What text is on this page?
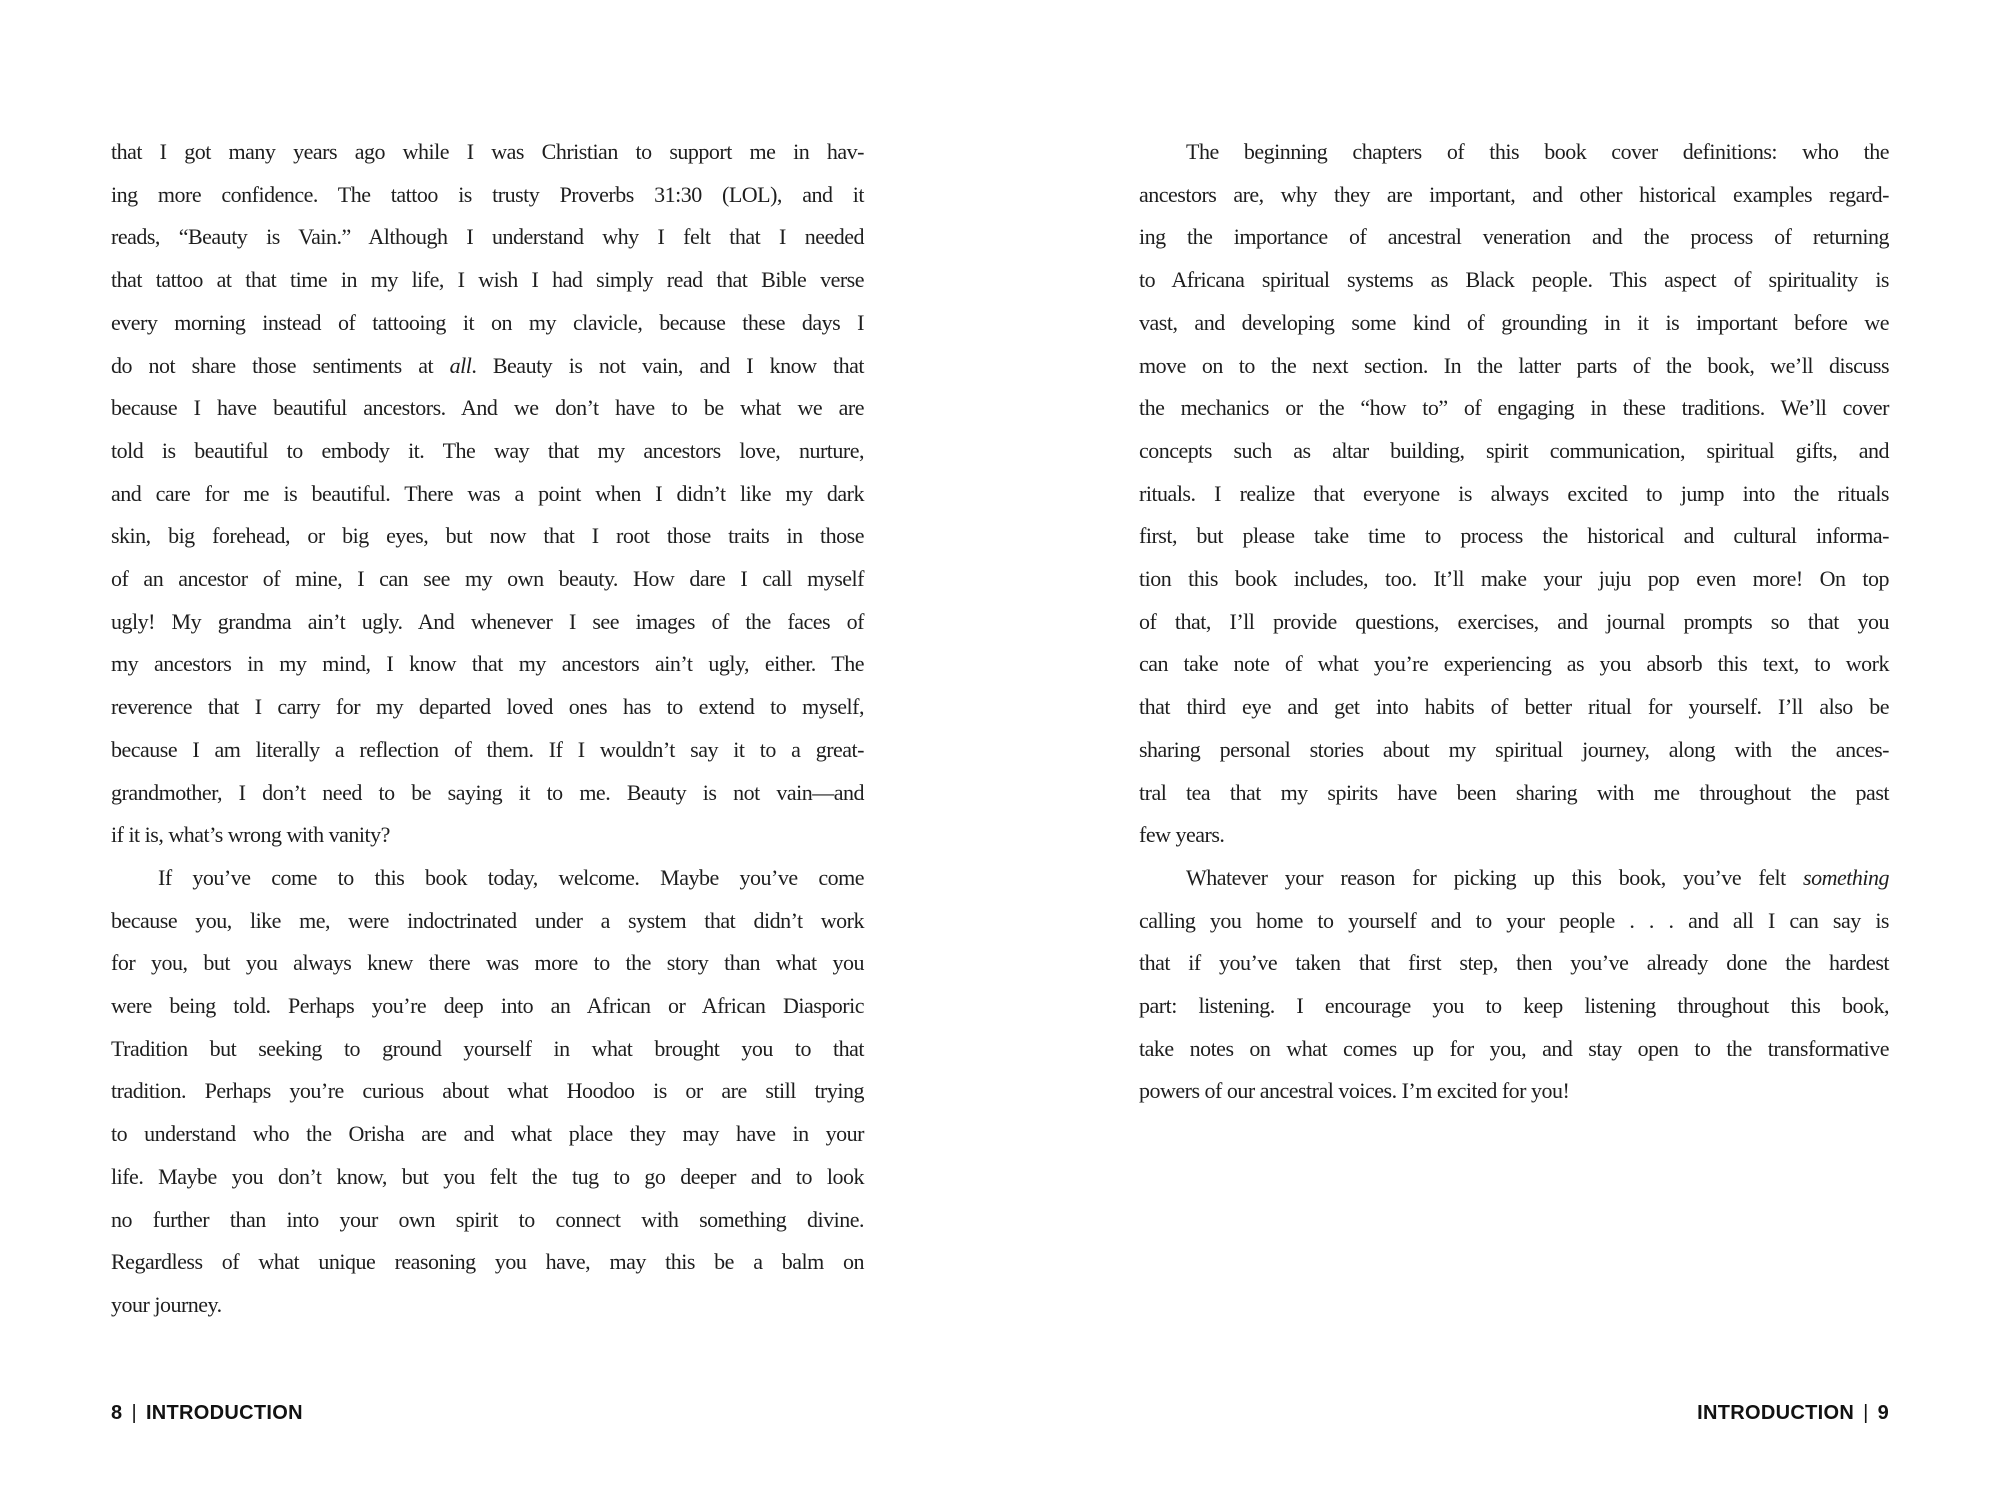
that I got many years ago while I was Christian to support me in hav-
ing more confidence. The tattoo is trusty Proverbs 31:30 (LOL), and it
reads, “Beauty is Vain.” Although I understand why I felt that I needed
that tattoo at that time in my life, I wish I had simply read that Bible verse
every morning instead of tattooing it on my clavicle, because these days I
do not share those sentiments at all. Beauty is not vain, and I know that
because I have beautiful ancestors. And we don’t have to be what we are
told is beautiful to embody it. The way that my ancestors love, nurture,
and care for me is beautiful. There was a point when I didn’t like my dark
skin, big forehead, or big eyes, but now that I root those traits in those
of an ancestor of mine, I can see my own beauty. How dare I call myself
ugly! My grandma ain’t ugly. And whenever I see images of the faces of
my ancestors in my mind, I know that my ancestors ain’t ugly, either. The
reverence that I carry for my departed loved ones has to extend to myself,
because I am literally a reflection of them. If I wouldn’t say it to a great-
grandmother, I don’t need to be saying it to me. Beauty is not vain—and
if it is, what’s wrong with vanity?
If you’ve come to this book today, welcome. Maybe you’ve come
because you, like me, were indoctrinated under a system that didn’t work
for you, but you always knew there was more to the story than what you
were being told. Perhaps you’re deep into an African or African Diasporic
Tradition but seeking to ground yourself in what brought you to that
tradition. Perhaps you’re curious about what Hoodoo is or are still trying
to understand who the Orisha are and what place they may have in your
life. Maybe you don’t know, but you felt the tug to go deeper and to look
no further than into your own spirit to connect with something divine.
Regardless of what unique reasoning you have, may this be a balm on
your journey.
8 | INTRODUCTION
The beginning chapters of this book cover definitions: who the
ancestors are, why they are important, and other historical examples regard-
ing the importance of ancestral veneration and the process of returning
to Africana spiritual systems as Black people. This aspect of spirituality is
vast, and developing some kind of grounding in it is important before we
move on to the next section. In the latter parts of the book, we’ll discuss
the mechanics or the “how to” of engaging in these traditions. We’ll cover
concepts such as altar building, spirit communication, spiritual gifts, and
rituals. I realize that everyone is always excited to jump into the rituals
first, but please take time to process the historical and cultural informa-
tion this book includes, too. It’ll make your juju pop even more! On top
of that, I’ll provide questions, exercises, and journal prompts so that you
can take note of what you’re experiencing as you absorb this text, to work
that third eye and get into habits of better ritual for yourself. I’ll also be
sharing personal stories about my spiritual journey, along with the ances-
tral tea that my spirits have been sharing with me throughout the past
few years.
Whatever your reason for picking up this book, you’ve felt something
calling you home to yourself and to your people . . . and all I can say is
that if you’ve taken that first step, then you’ve already done the hardest
part: listening. I encourage you to keep listening throughout this book,
take notes on what comes up for you, and stay open to the transformative
powers of our ancestral voices. I’m excited for you!
INTRODUCTION | 9
